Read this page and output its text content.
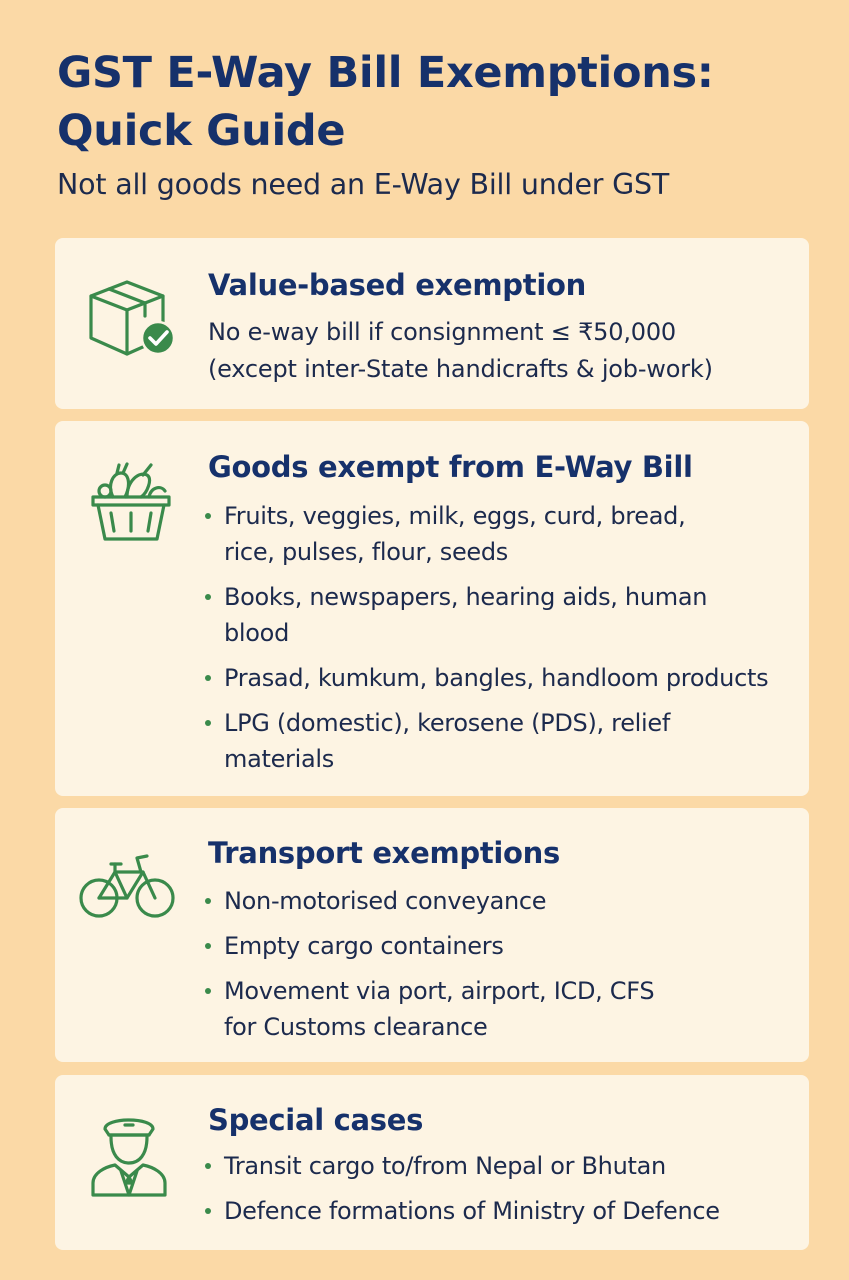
GST E-Way Bill Exemptions:
Quick Guide

Not all goods need an E-Way Bill under GST

Value-based exemption

No e-way bill if consignment ≤ ₹50,000

(except inter-State handicrafts & job-work)

Goods exempt from E-Way Bill
Fruits, veggies, milk, eggs, curd, bread,
rice, pulses, flour, seeds
Books, newspapers, hearing aids, human
blood
Prasad, kumkum, bangles, handloom products
LPG (domestic), kerosene (PDS), relief
materials
Transport exemptions
Non-motorised conveyance
Empty cargo containers
Movement via port, airport, ICD, CFS
for Customs clearance
Special cases
Transit cargo to/from Nepal or Bhutan
Defence formations of Ministry of Defence
